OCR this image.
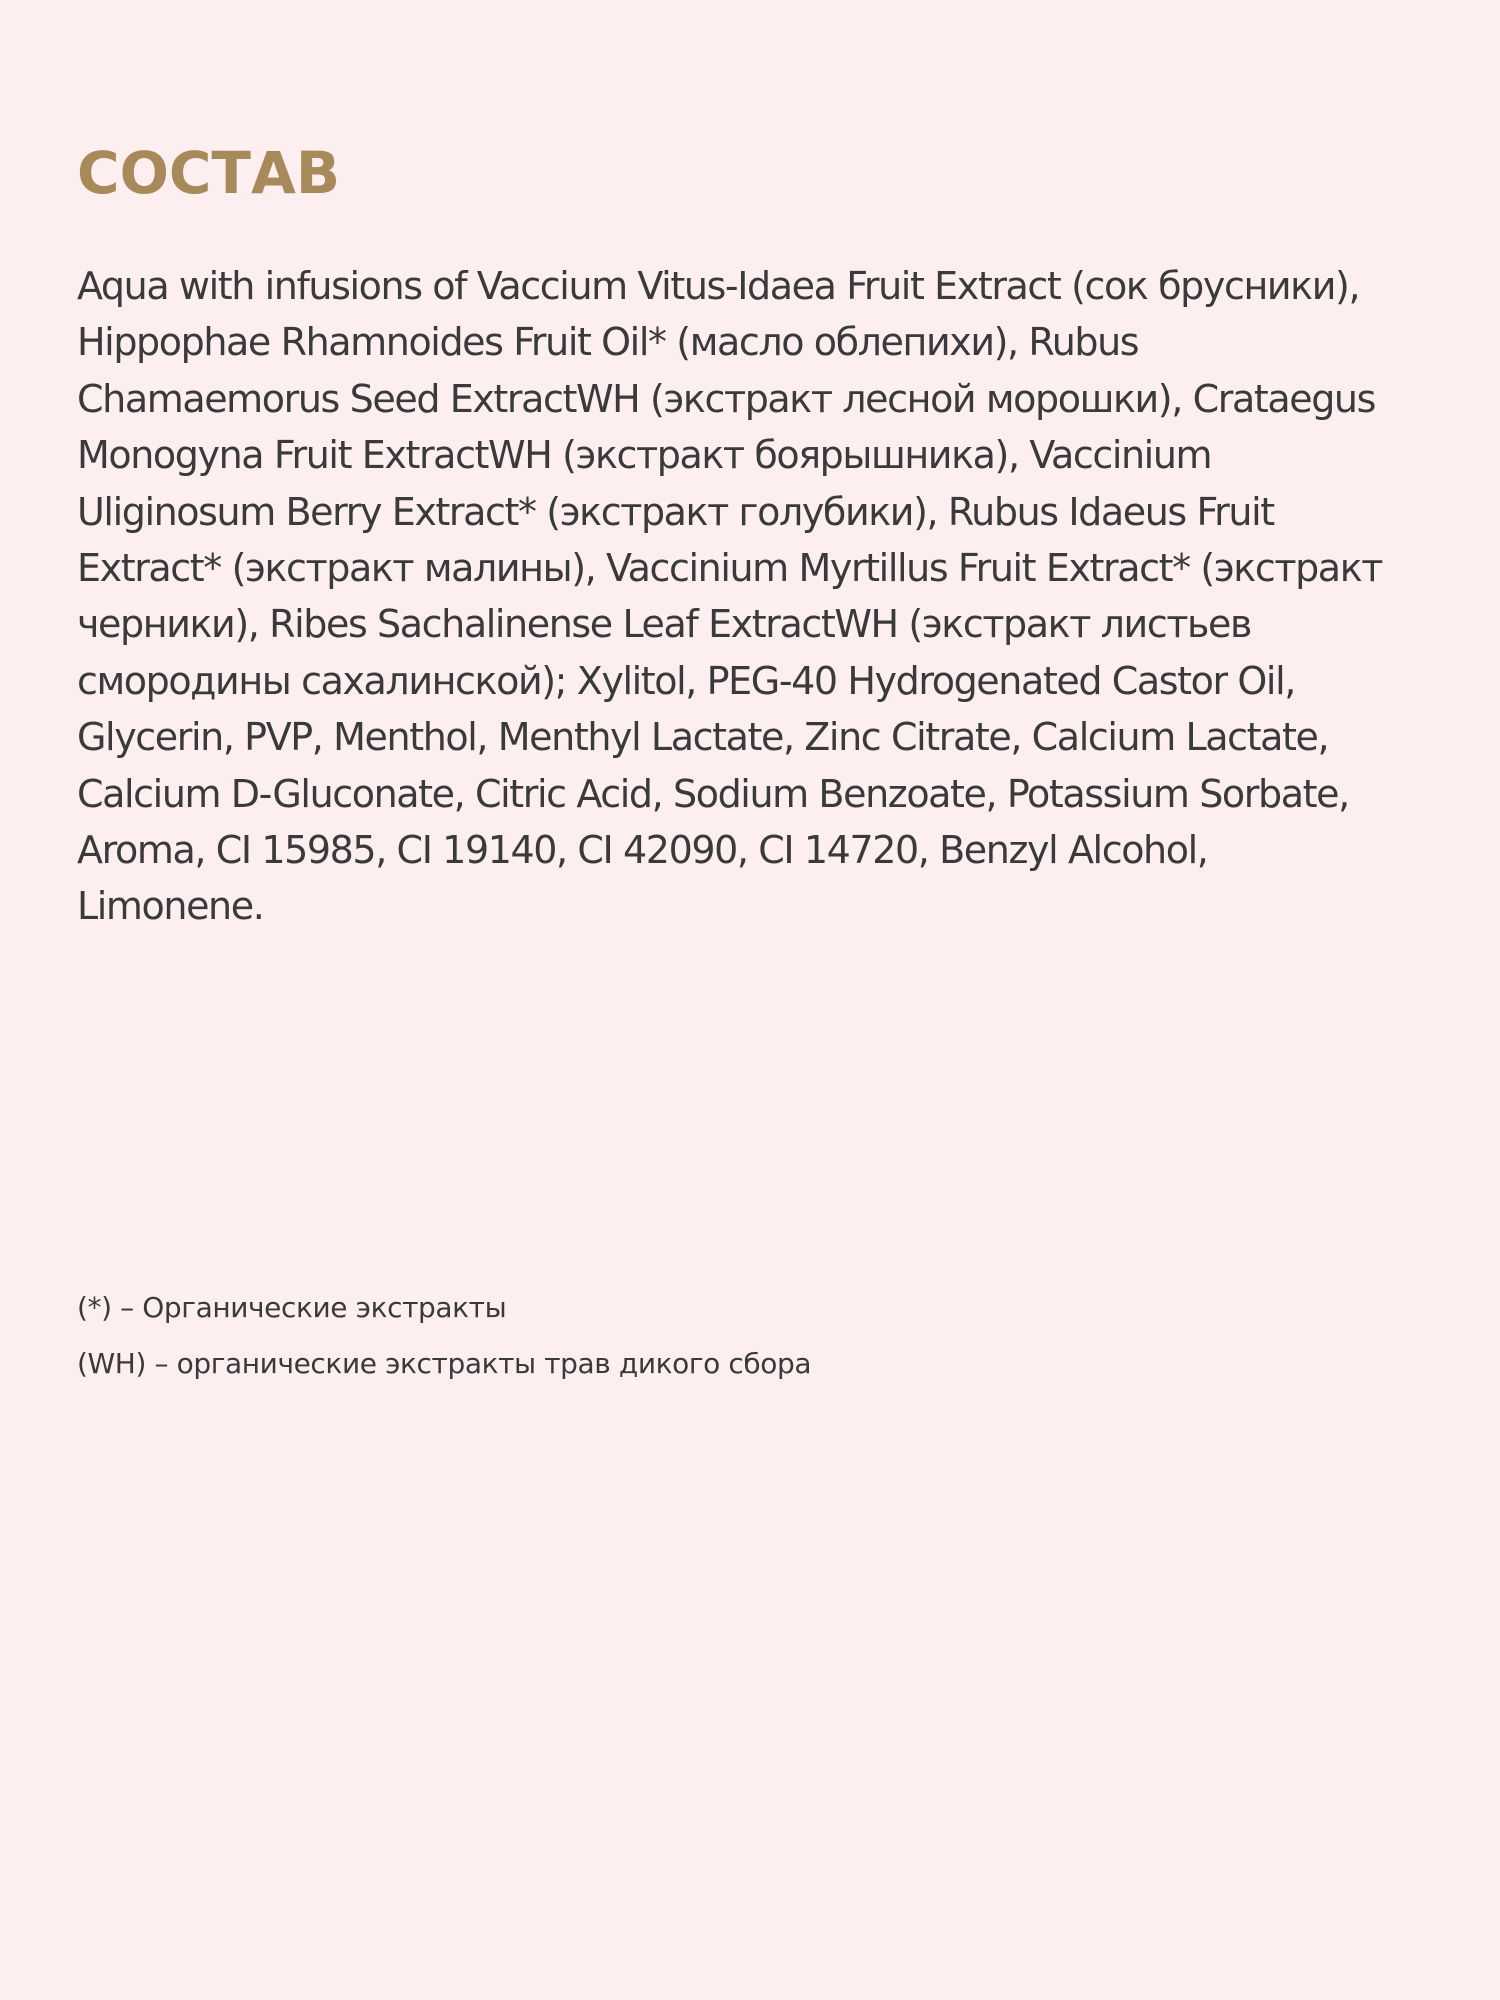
СОСТАВ
Aqua with infusions of Vaccium Vitus-Idaea Fruit Extract (сок брусники),
Hippophae Rhamnoides Fruit Oil* (масло облепихи), Rubus
Chamaemorus Seed ExtractWH (экстракт лесной морошки), Crataegus
Monogyna Fruit ExtractWH (экстракт боярышника), Vaccinium
Uliginosum Berry Extract* (экстракт голубики), Rubus Idaeus Fruit
Extract* (экстракт малины), Vaccinium Myrtillus Fruit Extract* (экстракт
черники), Ribes Sachalinense Leaf ExtractWH (экстракт листьев
смородины сахалинской); Xylitol, PEG-40 Hydrogenated Castor Oil,
Glycerin, PVP, Menthol, Menthyl Lactate, Zinc Citrate, Calcium Lactate,
Calcium D-Gluconate, Citric Acid, Sodium Benzoate, Potassium Sorbate,
Aroma, CI 15985, CI 19140, CI 42090, CI 14720, Benzyl Alcohol,
Limonene.
(*) – Органические экстракты
(WH) – органические экстракты трав дикого сбора
